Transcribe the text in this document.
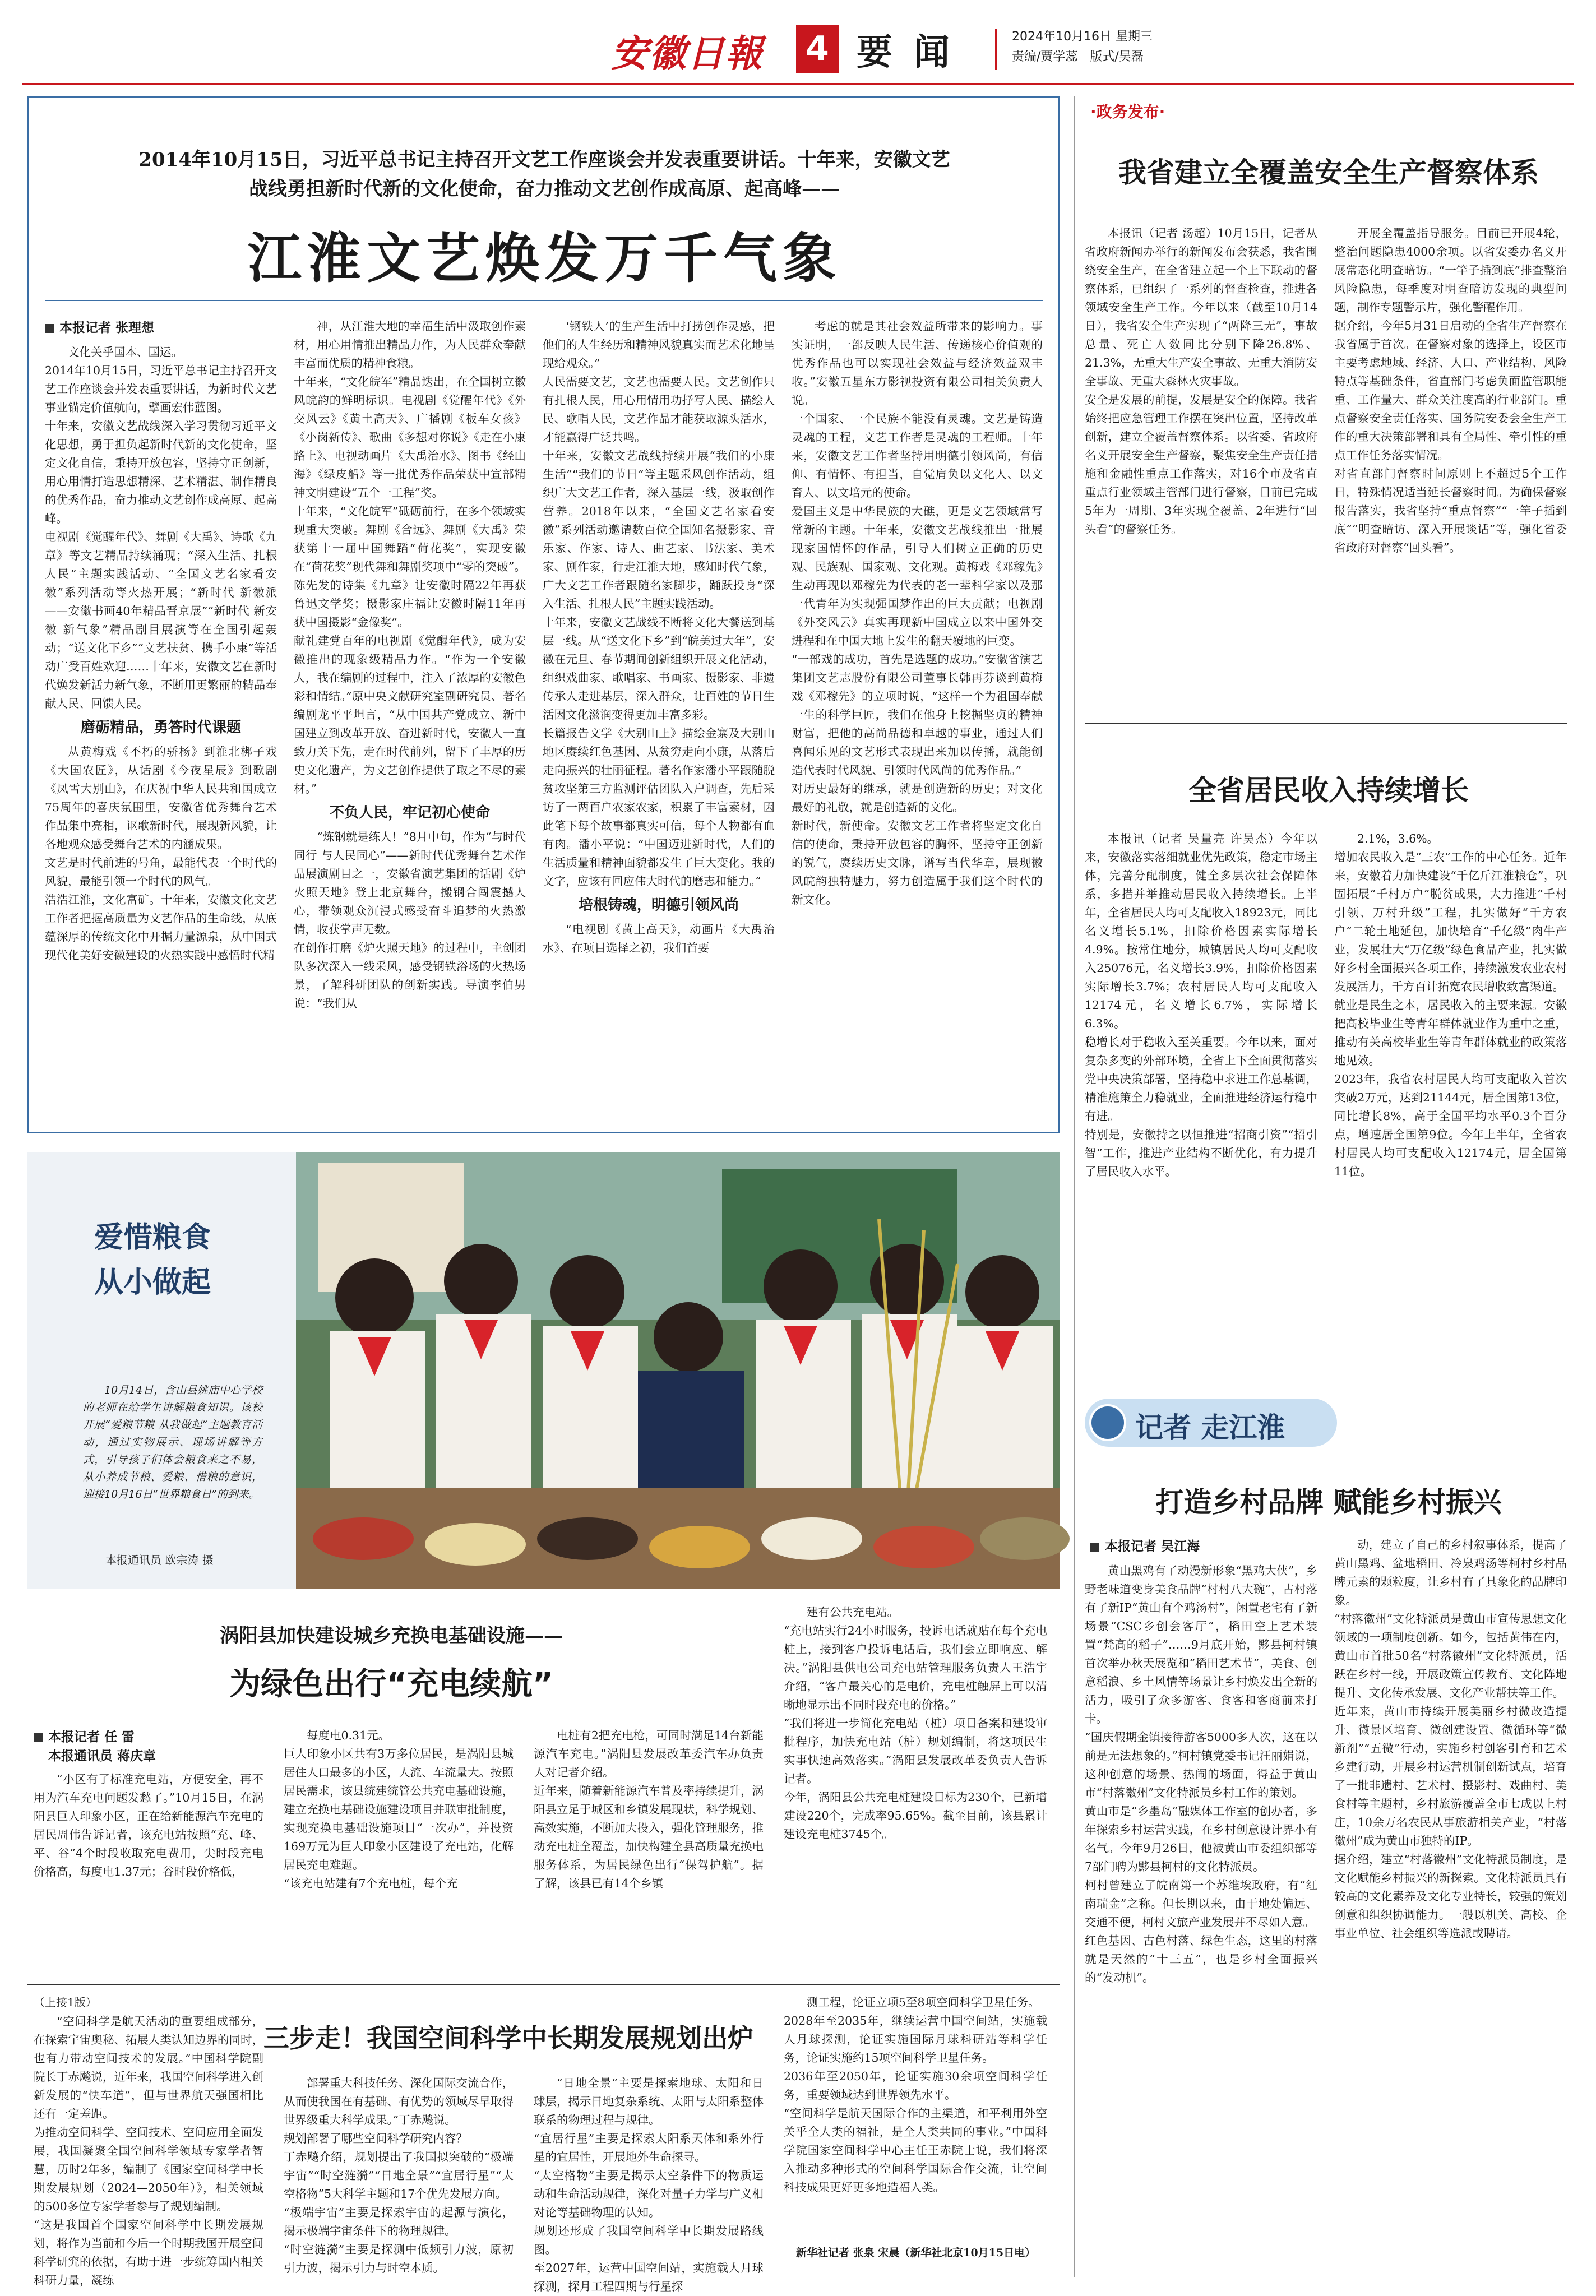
安徽日報 4 要闻	2024年10月16日 星期三
责编/贾学蕊　版式/吴磊
2014年10月15日，习近平总书记主持召开文艺工作座谈会并发表重要讲话。十年来，安徽文艺战线勇担新时代新的文化使命，奋力推动文艺创作成高原、起高峰——
江淮文艺焕发万千气象
本报记者 张理想
文化关乎国本、国运。
2014年10月15日，习近平总书记主持召开文艺工作座谈会并发表重要讲话，为新时代文艺事业锚定价值航向，擘画宏伟蓝图。
十年来，安徽文艺战线深入学习贯彻习近平文化思想，勇于担负起新时代新的文化使命，坚定文化自信，秉持开放包容，坚持守正创新，用心用情打造思想精深、艺术精湛、制作精良的优秀作品，奋力推动文艺创作成高原、起高峰。
电视剧《觉醒年代》、舞剧《大禹》、诗歌《九章》等文艺精品持续涌现；“深入生活、扎根人民”主题实践活动、“全国文艺名家看安徽”系列活动等火热开展；“新时代 新徽派——安徽书画40年精品晋京展”“新时代 新安徽 新气象”精品剧目展演等在全国引起轰动；“送文化下乡”“文艺扶贫、携手小康”等活动广受百姓欢迎……十年来，安徽文艺在新时代焕发新活力新气象，不断用更繁丽的精品奉献人民、回馈人民。
磨砺精品，勇答时代课题
从黄梅戏《不朽的骄杨》到淮北梆子戏《大国农匠》，从话剧《今夜星辰》到歌剧《凤雪大别山》，在庆祝中华人民共和国成立75周年的喜庆氛围里，安徽省优秀舞台艺术作品集中亮相，讴歌新时代，展现新风貌，让各地观众感受舞台艺术的内涵成果。
文艺是时代前进的号角，最能代表一个时代的风貌，最能引领一个时代的风气。
浩浩江淮，文化富矿。十年来，安徽文化文艺工作者把握高质量为文艺作品的生命线，从底蕴深厚的传统文化中开掘力量源泉，从中国式现代化美好安徽建设的火热实践中感悟时代精
神，从江淮大地的幸福生活中汲取创作素材，用心用情推出精品力作，为人民群众奉献丰富而优质的精神食粮。
十年来，“文化皖军”精品迭出，在全国树立徽风皖韵的鲜明标识。电视剧《觉醒年代》《外交风云》《黄土高天》、广播剧《板车女孩》《小岗新传》、歌曲《多想对你说》《走在小康路上》、电视动画片《大禹治水》、图书《经山海》《绿皮船》等一批优秀作品荣获中宣部精神文明建设“五个一工程”奖。
十年来，“文化皖军”砥砺前行，在多个领域实现重大突破。舞剧《合远》、舞剧《大禹》荣获第十一届中国舞蹈“荷花奖”，实现安徽在“荷花奖”现代舞和舞剧奖项中“零的突破”。陈先发的诗集《九章》让安徽时隔22年再获鲁迅文学奖；摄影家庄福让安徽时隔11年再获中国摄影“金像奖”。
献礼建党百年的电视剧《觉醒年代》，成为安徽推出的现象级精品力作。“作为一个安徽人，我在编剧的过程中，注入了浓厚的安徽色彩和情结。”原中央文献研究室副研究员、著名编剧龙平平坦言，“从中国共产党成立、新中国建立到改革开放、奋进新时代，安徽人一直致力关下先，走在时代前列，留下了丰厚的历史文化遗产，为文艺创作提供了取之不尽的素材。”
不负人民，牢记初心使命
“炼钢就是练人！”8月中旬，作为“与时代同行 与人民同心”——新时代优秀舞台艺术作品展演剧目之一，安徽省演艺集团的话剧《炉火照天地》登上北京舞台，搬钢合闯震撼人心，带领观众沉浸式感受奋斗追梦的火热激情，收获掌声无数。
在创作打磨《炉火照天地》的过程中，主创团队多次深入一线采风，感受钢铁浴场的火热场景，了解科研团队的创新实践。导演李伯男说：“我们从
‘钢铁人’的生产生活中打捞创作灵感，把他们的人生经历和精神风貌真实而艺术化地呈现给观众。”
人民需要文艺，文艺也需要人民。文艺创作只有扎根人民，用心用情用功抒写人民、描绘人民、歌唱人民，文艺作品才能获取源头活水，才能赢得广泛共鸣。
十年来，安徽文艺战线持续开展“我们的小康生活”“我们的节日”等主题采风创作活动，组织广大文艺工作者，深入基层一线，汲取创作营养。2018年以来，“全国文艺名家看安徽”系列活动邀请数百位全国知名摄影家、音乐家、作家、诗人、曲艺家、书法家、美术家、剧作家，行走江淮大地，感知时代气象，广大文艺工作者跟随名家脚步，踊跃投身“深入生活、扎根人民”主题实践活动。
十年来，安徽文艺战线不断将文化大餐送到基层一线。从“送文化下乡”到“皖美过大年”，安徽在元旦、春节期间创新组织开展文化活动，组织戏曲家、歌唱家、书画家、摄影家、非遗传承人走进基层，深入群众，让百姓的节日生活因文化滋润变得更加丰富多彩。
长篇报告文学《大别山上》描绘金寨及大别山地区赓续红色基因、从贫穷走向小康，从落后走向振兴的壮丽征程。著名作家潘小平跟随脱贫攻坚第三方监测评估团队入户调查，先后采访了一两百户农家农家，积累了丰富素材，因此笔下每个故事都真实可信，每个人物都有血有肉。潘小平说：“中国迈进新时代，人们的生活质量和精神面貌都发生了巨大变化。我的文字，应该有回应伟大时代的磨志和能力。”
培根铸魂，明德引领风尚
“电视剧《黄土高天》，动画片《大禹治水》、在项目选择之初，我们首要
考虑的就是其社会效益所带来的影响力。事实证明，一部反映人民生活、传递核心价值观的优秀作品也可以实现社会效益与经济效益双丰收。”安徽五星东方影视投资有限公司相关负责人说。
一个国家、一个民族不能没有灵魂。文艺是铸造灵魂的工程，文艺工作者是灵魂的工程师。十年来，安徽文艺工作者坚持用明德引领风尚，有信仰、有情怀、有担当，自觉肩负以文化人、以文育人、以文培元的使命。
爱国主义是中华民族的大礁，更是文艺领域常写常新的主题。十年来，安徽文艺战线推出一批展现家国情怀的作品，引导人们树立正确的历史观、民族观、国家观、文化观。黄梅戏《邓稼先》生动再现以邓稼先为代表的老一辈科学家以及那一代青年为实现强国梦作出的巨大贡献；电视剧《外交风云》真实再现新中国成立以来中国外交进程和在中国大地上发生的翻天覆地的巨变。
“一部戏的成功，首先是选题的成功。”安徽省演艺集团文艺志股份有限公司董事长韩再芬谈到黄梅戏《邓稼先》的立项时说，“这样一个为祖国奉献一生的科学巨匠，我们在他身上挖掘坚贞的精神财富，把他的高尚品德和卓越的事业，通过人们喜闻乐见的文艺形式表现出来加以传播，就能创造代表时代风貌、引领时代风尚的优秀作品。”
对历史最好的继承，就是创造新的历史；对文化最好的礼敬，就是创造新的文化。
新时代，新使命。安徽文艺工作者将坚定文化自信的使命，秉持开放包容的胸怀，坚持守正创新的锐气，赓续历史文脉，谱写当代华章，展现徽风皖韵独特魅力，努力创造属于我们这个时代的新文化。
爱惜粮食
从小做起
10月14日，含山县姚庙中心学校的老师在给学生讲解粮食知识。该校开展“爱粮节粮 从我做起”主题教育活动，通过实物展示、现场讲解等方式，引导孩子们体会粮食来之不易，从小养成节粮、爱粮、惜粮的意识，迎接10月16日“世界粮食日”的到来。
本报通讯员 欧宗涛 摄
涡阳县加快建设城乡充换电基础设施——
为绿色出行“充电续航”
本报记者 任 雷
本报通讯员 蒋庆章
“小区有了标准充电站，方便安全，再不用为汽车充电问题发愁了。”10月15日，在涡阳县巨人印象小区，正在给新能源汽车充电的居民周伟告诉记者，该充电站按照“充、峰、平、谷”4个时段收取充电费用，尖时段充电价格高，每度电1.37元；谷时段价格低，
每度电0.31元。
巨人印象小区共有3万多位居民，是涡阳县城居住人口最多的小区，人流、车流量大。按照居民需求，该县统建统管公共充电基础设施，建立充换电基础设施建设项目并联审批制度，实现充换电基础设施项目“一次办”，并投资169万元为巨人印象小区建设了充电站，化解居民充电难题。
“该充电站建有7个充电桩，每个充
电桩有2把充电枪，可同时满足14台新能源汽车充电。”涡阳县发展改革委汽车办负责人对记者介绍。
近年来，随着新能源汽车普及率持续提升，涡阳县立足于城区和乡镇发展现状，科学规划、高效实施，不断加大投入，强化管理服务，推动充电桩全覆盖，加快构建全县高质量充换电服务体系，为居民绿色出行“保驾护航”。据了解，该县已有14个乡镇
建有公共充电站。
“充电站实行24小时服务，投诉电话就贴在每个充电桩上，接到客户投诉电话后，我们会立即响应、解决。”涡阳县供电公司充电站管理服务负责人王浩宇介绍，“客户最关心的是电价，充电桩触屏上可以清晰地显示出不同时段充电的价格。”
“我们将进一步简化充电站（桩）项目备案和建设审批程序，加快充电站（桩）规划编制，将这项民生实事快速高效落实。”涡阳县发展改革委负责人告诉记者。
今年，涡阳县公共充电桩建设目标为230个，已新增建设220个，完成率95.65%。截至目前，该县累计建设充电桩3745个。
（上接1版）
三步走！我国空间科学中长期发展规划出炉
“空间科学是航天活动的重要组成部分，在探索宇宙奥秘、拓展人类认知边界的同时，也有力带动空间技术的发展。”中国科学院副院长丁赤飚说，近年来，我国空间科学进入创新发展的“快车道”，但与世界航天强国相比还有一定差距。
为推动空间科学、空间技术、空间应用全面发展，我国凝聚全国空间科学领域专家学者智慧，历时2年多，编制了《国家空间科学中长期发展规划（2024—2050年）》，相关领域的500多位专家学者参与了规划编制。
“这是我国首个国家空间科学中长期发展规划，将作为当前和今后一个时期我国开展空间科学研究的依据，有助于进一步统筹国内相关科研力量，凝练
部署重大科技任务、深化国际交流合作，从而使我国在有基础、有优势的领域尽早取得世界级重大科学成果。”丁赤飚说。
规划部署了哪些空间科学研究内容？
丁赤飚介绍，规划提出了我国拟突破的“极端宇宙”“时空涟漪”“日地全景”“宜居行星”“太空格物”5大科学主题和17个优先发展方向。
“极端宇宙”主要是探索宇宙的起源与演化，揭示极端宇宙条件下的物理规律。
“时空涟漪”主要是探测中低频引力波，原初引力波，揭示引力与时空本质。
“日地全景”主要是探索地球、太阳和日球层，揭示日地复杂系统、太阳与太阳系整体联系的物理过程与规律。
“宜居行星”主要是探索太阳系天体和系外行星的宜居性，开展地外生命探寻。
“太空格物”主要是揭示太空条件下的物质运动和生命活动规律，深化对量子力学与广义相对论等基础物理的认知。
规划还形成了我国空间科学中长期发展路线图。
至2027年，运营中国空间站，实施载人月球探测，探月工程四期与行星探
测工程，论证立项5至8项空间科学卫星任务。
2028年至2035年，继续运营中国空间站，实施载人月球探测，论证实施国际月球科研站等科学任务，论证实施约15项空间科学卫星任务。
2036年至2050年，论证实施30余项空间科学任务，重要领域达到世界领先水平。
“空间科学是航天国际合作的主渠道，和平利用外空关乎全人类的福祉，是全人类共同的事业。”中国科学院国家空间科学中心主任王赤院士说，我们将深入推动多种形式的空间科学国际合作交流，让空间科技成果更好更多地造福人类。
新华社记者 张泉 宋晨（新华社北京10月15日电）
·政务发布·
我省建立全覆盖安全生产督察体系
本报讯（记者 汤超）10月15日，记者从省政府新闻办举行的新闻发布会获悉，我省围绕安全生产，在全省建立起一个上下联动的督察体系，已组织了一系列的督查检查，推进各领域安全生产工作。今年以来（截至10月14日），我省安全生产实现了“两降三无”，事故总量、死亡人数同比分别下降26.8%、21.3%，无重大生产安全事故、无重大消防安全事故、无重大森林火灾事故。
安全是发展的前提，发展是安全的保障。我省始终把应急管理工作摆在突出位置，坚持改革创新，建立全覆盖督察体系。以省委、省政府名义开展安全生产督察，聚焦安全生产责任措施和金融性重点工作落实，对16个市及省直重点行业领域主管部门进行督察，目前已完成5年为一周期、3年实现全覆盖、2年进行“回头看”的督察任务。
开展全覆盖指导服务。目前已开展4轮，整治问题隐患4000余项。以省安委办名义开展常态化明查暗访。“一竿子插到底”排查整治风险隐患，每季度对明查暗访发现的典型问题，制作专题警示片，强化警醒作用。
据介绍，今年5月31日启动的全省生产督察在我省属于首次。在督察对象的选择上，设区市主要考虑地域、经济、人口、产业结构、风险特点等基础条件，省直部门考虑负面监管职能重、工作量大、群众关注度高的行业部门。重点督察安全责任落实、国务院安委会全生产工作的重大决策部署和具有全局性、牵引性的重点工作任务落实情况。
对省直部门督察时间原则上不超过5个工作日，特殊情况适当延长督察时间。为确保督察报告落实，我省坚持“重点督察”“一竿子插到底”“明查暗访、深入开展谈话”等，强化省委省政府对督察“回头看”。
全省居民收入持续增长
本报讯（记者 吴量亮 许昊杰）今年以来，安徽落实落细就业优先政策，稳定市场主体，完善分配制度，健全多层次社会保障体系，多措并举推动居民收入持续增长。上半年，全省居民人均可支配收入18923元，同比名义增长5.1%，扣除价格因素实际增长4.9%。按常住地分，城镇居民人均可支配收入25076元，名义增长3.9%，扣除价格因素实际增长3.7%；农村居民人均可支配收入12174元，名义增长6.7%，实际增长6.3%。
稳增长对于稳收入至关重要。今年以来，面对复杂多变的外部环境，全省上下全面贯彻落实党中央决策部署，坚持稳中求进工作总基调，精准施策全力稳就业，全面推进经济运行稳中有进。
特别是，安徽持之以恒推进“招商引资”“招引智”工作，推进产业结构不断优化，有力提升了居民收入水平。
2.1%，3.6%。
增加农民收入是“三农”工作的中心任务。近年来，安徽着力加快建设“千亿斤江淮粮仓”，巩固拓展“千村万户”脱贫成果，大力推进“千村引领、万村升级”工程，扎实做好“千方农户”二轮土地延包，加快培育“千亿级”肉牛产业，发展壮大“万亿级”绿色食品产业，扎实做好乡村全面振兴各项工作，持续激发农业农村发展活力，千方百计拓宽农民增收致富渠道。
就业是民生之本，居民收入的主要来源。安徽把高校毕业生等青年群体就业作为重中之重，推动有关高校毕业生等青年群体就业的政策落地见效。
2023年，我省农村居民人均可支配收入首次突破2万元，达到21144元，居全国第13位，同比增长8%，高于全国平均水平0.3个百分点，增速居全国第9位。今年上半年，全省农村居民人均可支配收入12174元，居全国第11位。
记者 走江淮
打造乡村品牌 赋能乡村振兴
本报记者 吴江海
黄山黑鸡有了动漫新形象“黑鸡大侠”，乡野老味道变身美食品牌“村村八大碗”，古村落有了新IP“黄山有个鸡汤村”，闲置老宅有了新场景“CSC乡创会客厅”，稻田空上艺术装置“梵高的稻子”……9月底开始，黟县柯村镇首次举办秋天展览和“稻田艺术节”，美食、创意稻浪、乡土风情等场景让乡村焕发出全新的活力，吸引了众多游客、食客和客商前来打卡。
“国庆假期金镇接待游客5000多人次，这在以前是无法想象的。”柯村镇党委书记汪丽娟说，这种创意的场景、热闹的场面，得益于黄山市“村落徽州”文化特派员乡村工作的策划。
黄山市是“乡墨岛”融媒体工作室的创办者，多年探索乡村运营实践，在乡村创意设计界小有名气。今年9月26日，他被黄山市委组织部等7部门聘为黟县柯村的文化特派员。
柯村曾建立了皖南第一个苏维埃政府，有“红南瑞金”之称。但长期以来，由于地处偏远、交通不便，柯村文旅产业发展并不尽如人意。
红色基因、古色村落、绿色生态，这里的村落就是天然的“十三五”，也是乡村全面振兴的“发动机”。
动，建立了自己的乡村叙事体系，提高了黄山黑鸡、盆地稻田、冷泉鸡汤等柯村乡村品牌元素的颗粒度，让乡村有了具象化的品牌印象。
“村落徽州”文化特派员是黄山市宣传思想文化领域的一项制度创新。如今，包括黄伟在内，黄山市首批50名“村落徽州”文化特派员，活跃在乡村一线，开展政策宣传教育、文化阵地提升、文化传承发展、文化产业帮扶等工作。
近年来，黄山市持续开展美丽乡村微改造提升、微景区培育、微创建设置、微循环等“微新剂”“五微”行动，实施乡村创客引育和艺术乡建行动，开展乡村运营机制创新试点，培育了一批非遗村、艺术村、摄影村、戏曲村、美食村等主题村，乡村旅游覆盖全市七成以上村庄，10余万名农民从事旅游相关产业，“村落徽州”成为黄山市独特的IP。
据介绍，建立“村落徽州”文化特派员制度，是文化赋能乡村振兴的新探索。文化特派员具有较高的文化素养及文化专业特长，较强的策划创意和组织协调能力。一般以机关、高校、企事业单位、社会组织等选派或聘请。
